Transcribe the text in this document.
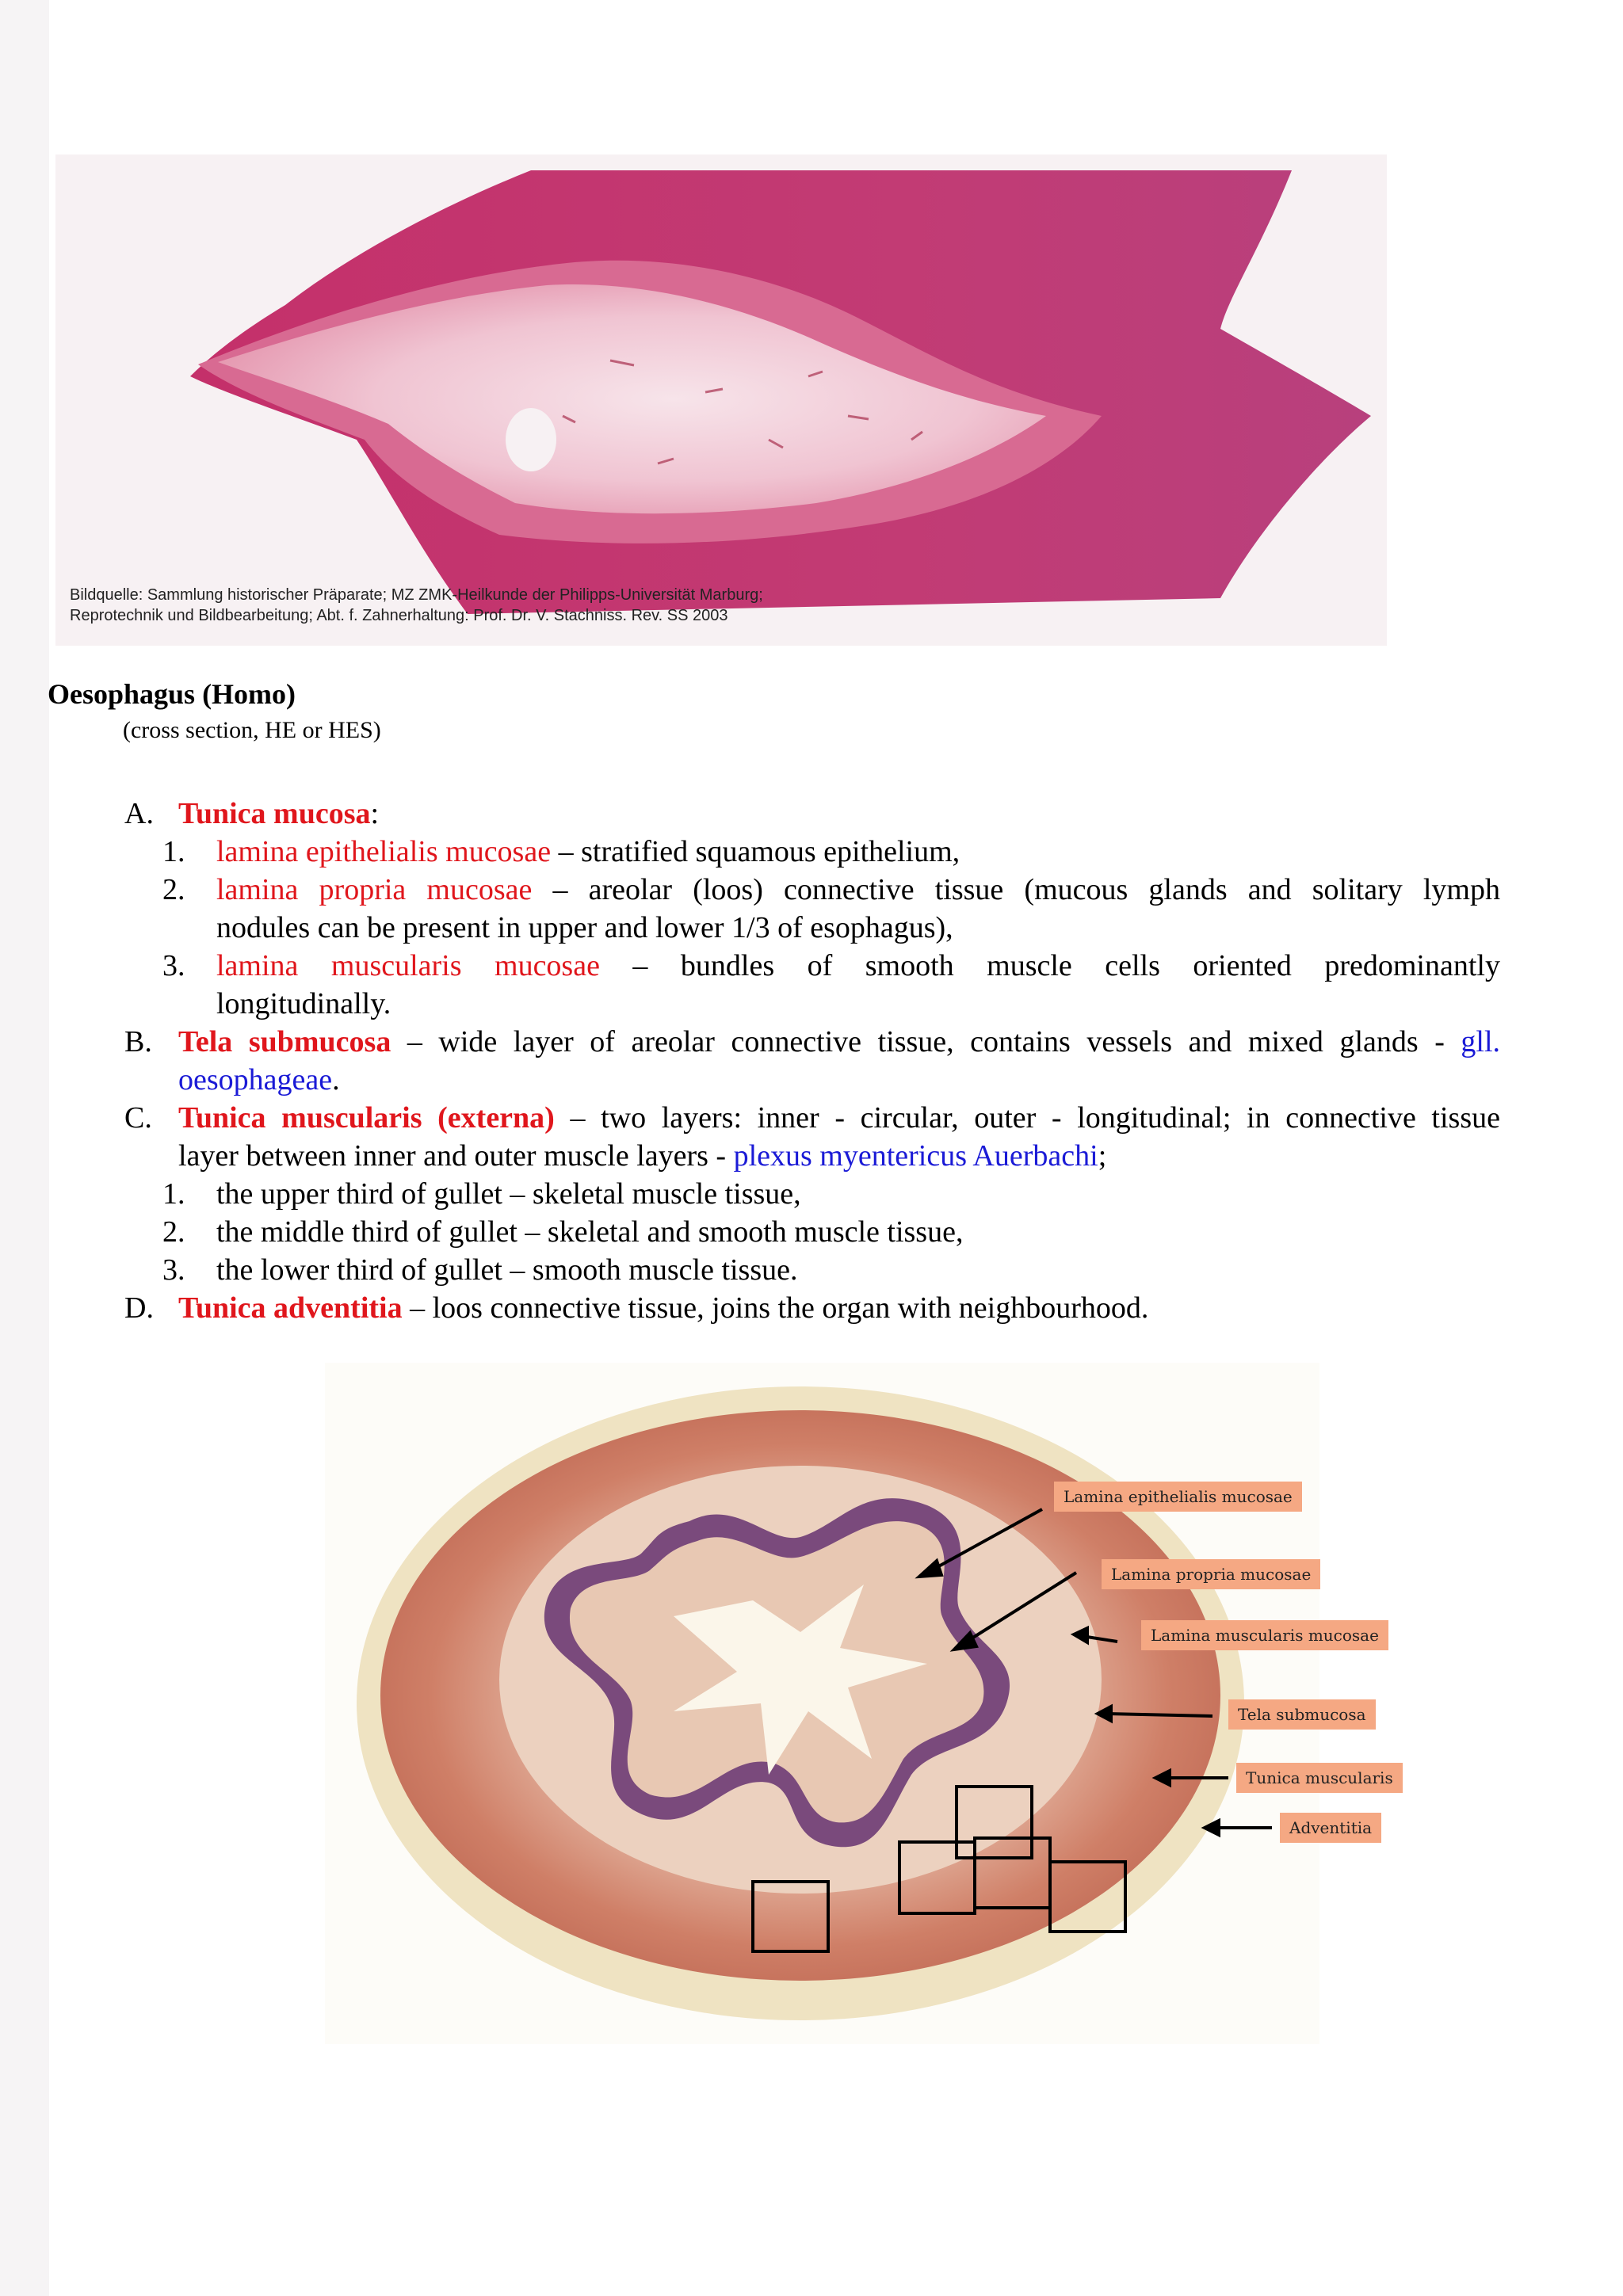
Bildquelle: Sammlung historischer Präparate; MZ ZMK-Heilkunde der Philipps-Universität Marburg;
Reprotechnik und Bildbearbeitung; Abt. f. Zahnerhaltung: Prof. Dr. V. Stachniss. Rev. SS 2003
Oesophagus (Homo)
(cross section, HE or HES)
A. Tunica mucosa:
1. lamina epithelialis mucosae – stratified squamous epithelium,
2. lamina propria mucosae – areolar (loos) connective tissue (mucous glands and solitary lymph
nodules can be present in upper and lower 1/3 of esophagus),
3. lamina muscularis mucosae – bundles of smooth muscle cells oriented predominantly
longitudinally.
B. Tela submucosa – wide layer of areolar connective tissue, contains vessels and mixed glands - gll.
oesophageae.
C. Tunica muscularis (externa) – two layers: inner - circular, outer - longitudinal; in connective tissue
layer between inner and outer muscle layers - plexus myentericus Auerbachi;
1. the upper third of gullet – skeletal muscle tissue,
2. the middle third of gullet – skeletal and smooth muscle tissue,
3. the lower third of gullet – smooth muscle tissue.
D. Tunica adventitia – loos connective tissue, joins the organ with neighbourhood.
Lamina epithelialis mucosae
Lamina propria mucosae
Lamina muscularis mucosae
Tela submucosa
Tunica muscularis
Adventitia
